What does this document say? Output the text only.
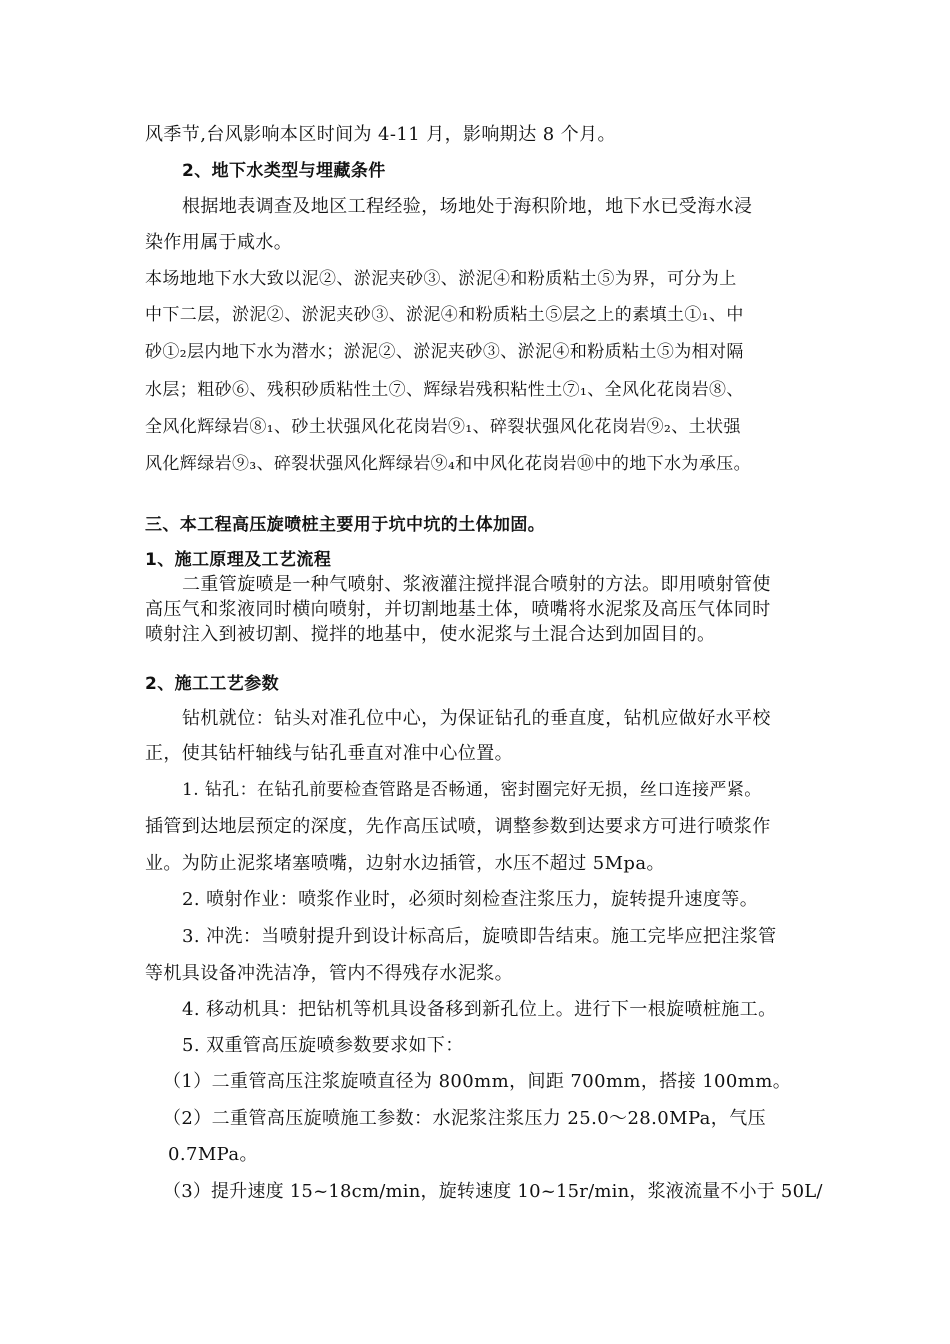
风季节,台风影响本区时间为 4-11 月，影响期达 8 个月。
2、地下水类型与埋藏条件
根据地表调查及地区工程经验，场地处于海积阶地，地下水已受海水浸
染作用属于咸水。
本场地地下水大致以泥②、淤泥夹砂③、淤泥④和粉质粘土⑤为界，可分为上
中下二层，淤泥②、淤泥夹砂③、淤泥④和粉质粘土⑤层之上的素填土①₁、中
砂①₂层内地下水为潜水；淤泥②、淤泥夹砂③、淤泥④和粉质粘土⑤为相对隔
水层；粗砂⑥、残积砂质粘性土⑦、辉绿岩残积粘性土⑦₁、全风化花岗岩⑧、
全风化辉绿岩⑧₁、砂土状强风化花岗岩⑨₁、碎裂状强风化花岗岩⑨₂、土状强
风化辉绿岩⑨₃、碎裂状强风化辉绿岩⑨₄和中风化花岗岩⑩中的地下水为承压。
三、本工程高压旋喷桩主要用于坑中坑的土体加固。
1、施工原理及工艺流程
二重管旋喷是一种气喷射、浆液灌注搅拌混合喷射的方法。即用喷射管使
高压气和浆液同时横向喷射，并切割地基土体，喷嘴将水泥浆及高压气体同时
喷射注入到被切割、搅拌的地基中，使水泥浆与土混合达到加固目的。
2、施工工艺参数
钻机就位：钻头对准孔位中心，为保证钻孔的垂直度，钻机应做好水平校
正，使其钻杆轴线与钻孔垂直对准中心位置。
1. 钻孔：在钻孔前要检查管路是否畅通，密封圈完好无损，丝口连接严紧。
插管到达地层预定的深度，先作高压试喷，调整参数到达要求方可进行喷浆作
业。为防止泥浆堵塞喷嘴，边射水边插管，水压不超过 5Mpa。
2. 喷射作业：喷浆作业时，必须时刻检查注浆压力，旋转提升速度等。
3. 冲洗：当喷射提升到设计标高后，旋喷即告结束。施工完毕应把注浆管
等机具设备冲洗洁净，管内不得残存水泥浆。
4. 移动机具：把钻机等机具设备移到新孔位上。进行下一根旋喷桩施工。
5. 双重管高压旋喷参数要求如下：
（1）二重管高压注浆旋喷直径为 800mm，间距 700mm，搭接 100mm。
（2）二重管高压旋喷施工参数：水泥浆注浆压力 25.0～28.0MPa，气压
0.7MPa。
（3）提升速度 15~18cm/min，旋转速度 10~15r/min，浆液流量不小于 50L/
